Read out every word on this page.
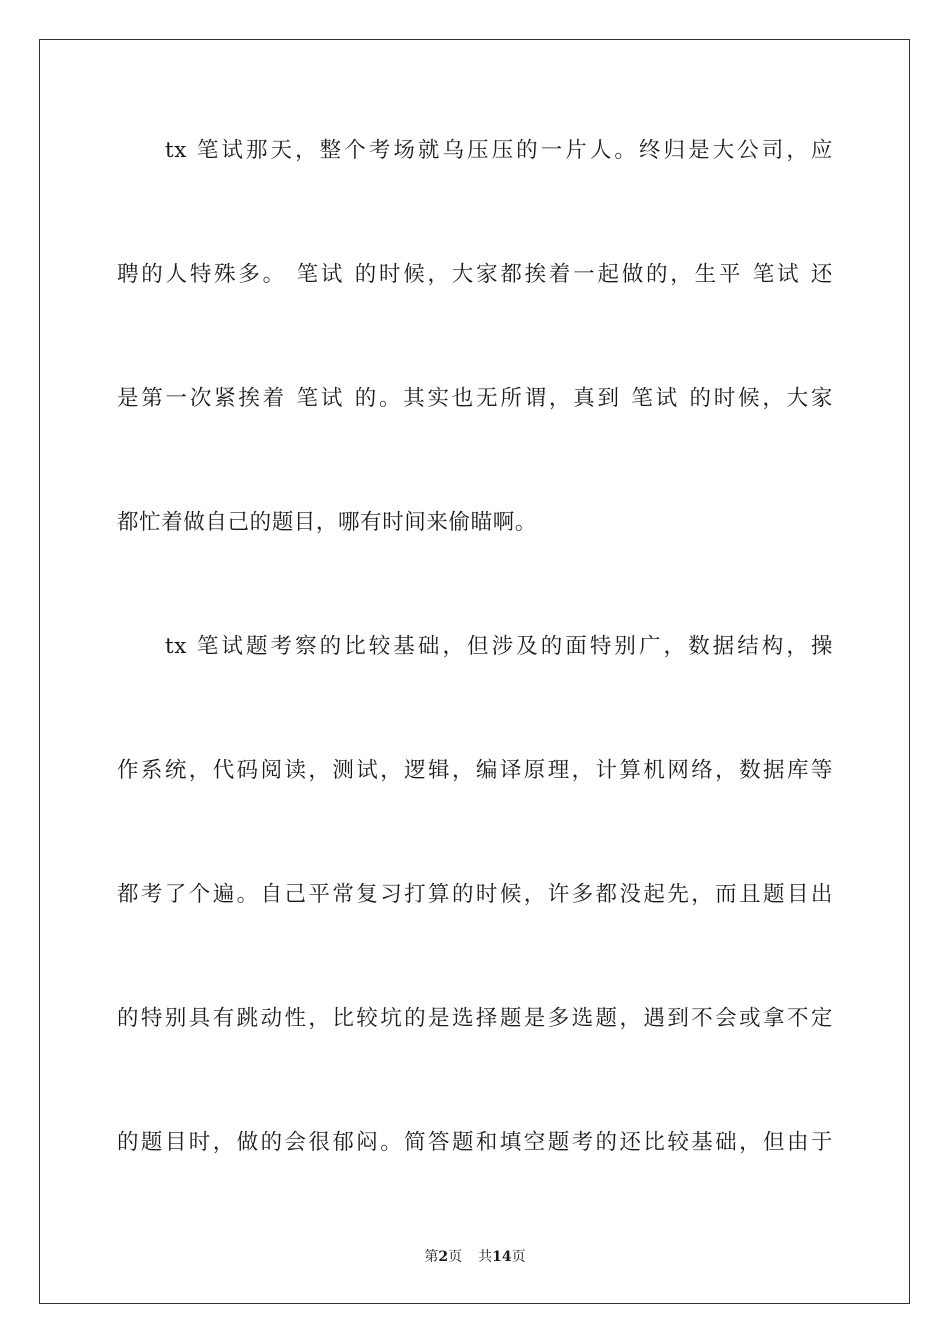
tx 笔试那天，整个考场就乌压压的一片人。终归是大公司，应
聘的人特殊多。 笔试 的时候，大家都挨着一起做的，生平 笔试 还
是第一次紧挨着 笔试 的。其实也无所谓，真到 笔试 的时候，大家
都忙着做自己的题目，哪有时间来偷瞄啊。
tx 笔试题考察的比较基础，但涉及的面特别广，数据结构，操
作系统，代码阅读，测试，逻辑，编译原理，计算机网络，数据库等
都考了个遍。自己平常复习打算的时候，许多都没起先，而且题目出
的特别具有跳动性，比较坑的是选择题是多选题，遇到不会或拿不定
的题目时，做的会很郁闷。简答题和填空题考的还比较基础，但由于
第2页 共14页
